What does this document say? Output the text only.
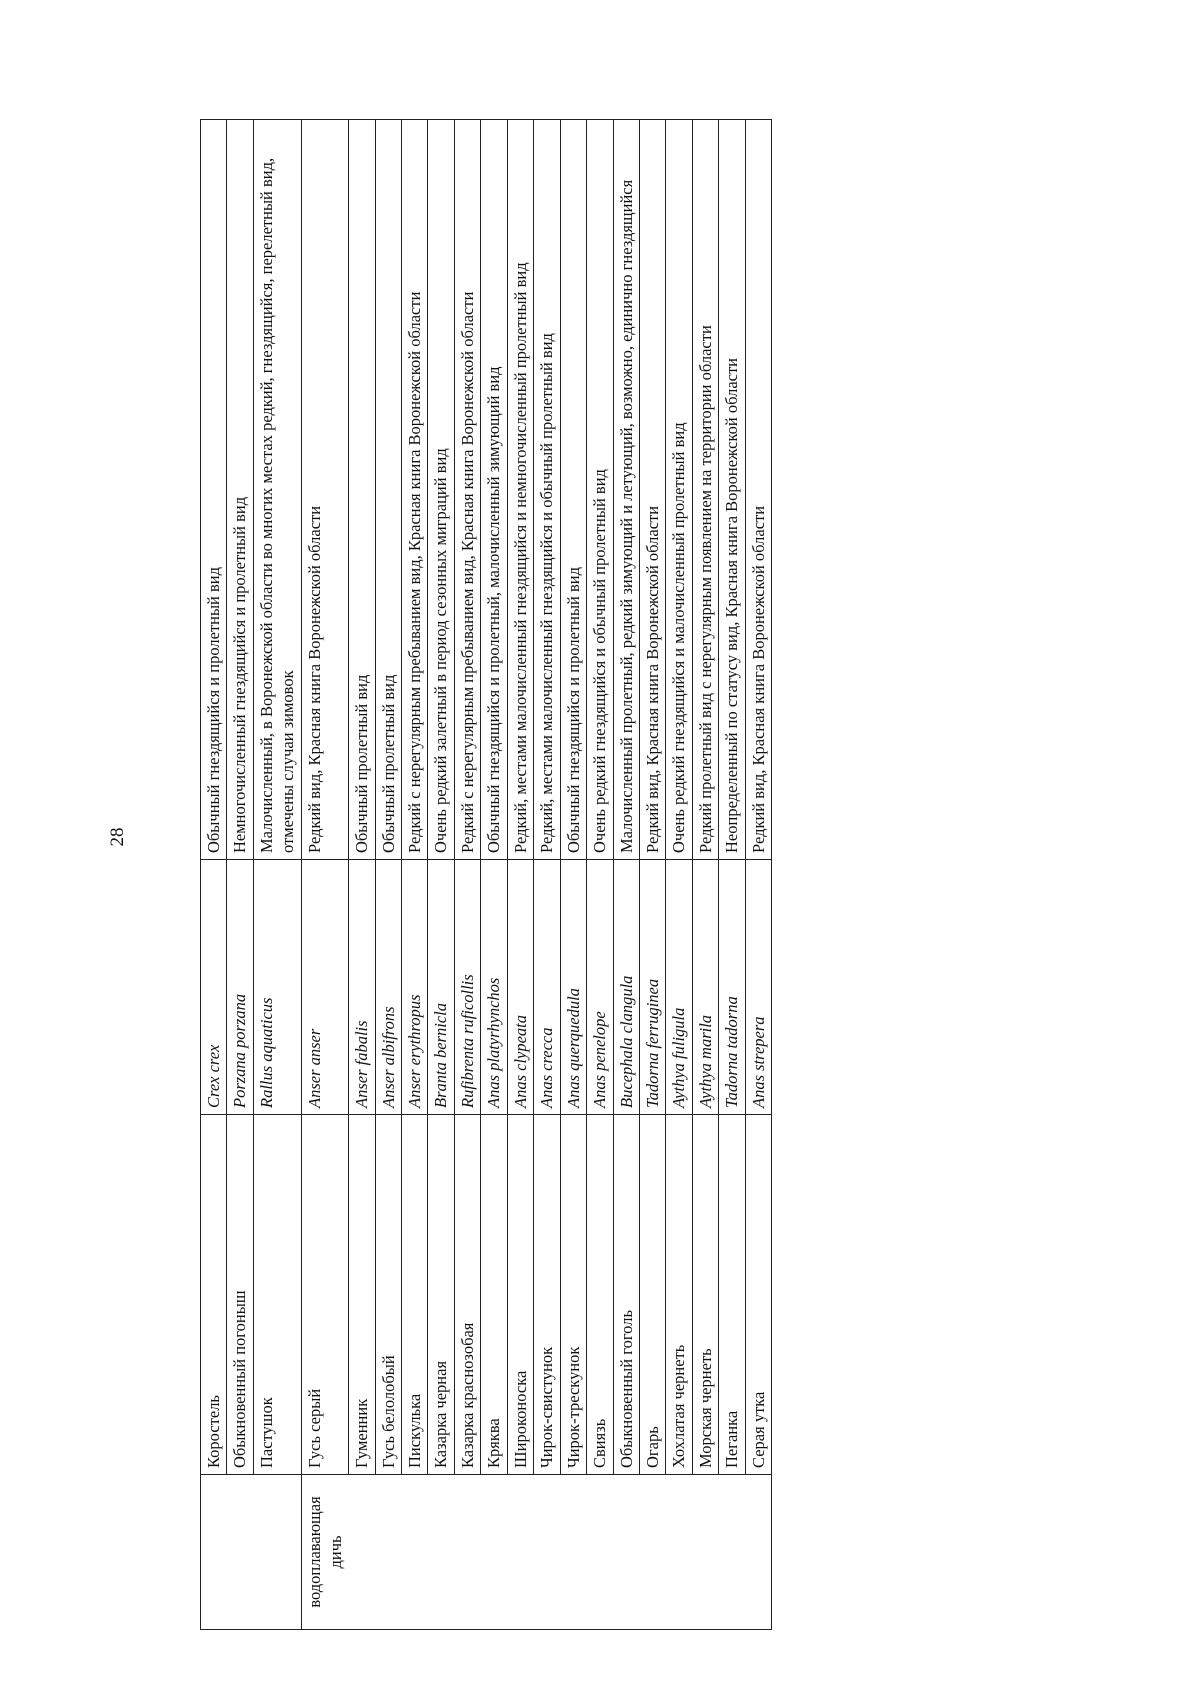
28
	Коростель	Crex crex	Обычный гнездящийся и пролетный вид
	Обыкновенный погоныш	Porzana porzana	Немногочисленный гнездящийся и пролетный вид
	Пастушок	Rallus aquaticus	Малочисленный, в Воронежской области во многих местах редкий, гнездящийся, перелетный вид, отмечены случаи зимовок
водоплавающая дичь	Гусь серый	Anser anser	Редкий вид, Красная книга Воронежской области
	Гуменник	Anser fabalis	Обычный пролетный вид
	Гусь белолобый	Anser albifrons	Обычный пролетный вид
	Пискулька	Anser erythropus	Редкий с нерегулярным пребыванием вид, Красная книга Воронежской области
	Казарка черная	Branta bernicla	Очень редкий залетный в период сезонных миграций вид
	Казарка краснозобая	Rufibrenta ruficollis	Редкий с нерегулярным пребыванием вид, Красная книга Воронежской области
	Кряква	Anas platyrhynchos	Обычный гнездящийся и пролетный, малочисленный зимующий вид
	Широконоска	Anas clypeata	Редкий, местами малочисленный гнездящийся и немногочисленный пролетный вид
	Чирок-свистунок	Anas crecca	Редкий, местами малочисленный гнездящийся и обычный пролетный вид
	Чирок-трескунок	Anas querquedula	Обычный гнездящийся и пролетный вид
	Свиязь	Anas penelope	Очень редкий гнездящийся и обычный пролетный вид
	Обыкновенный гоголь	Bucephala clangula	Малочисленный пролетный, редкий зимующий и летующий, возможно, единично гнездящийся
	Огарь	Tadorna ferruginea	Редкий вид, Красная книга Воронежской области
	Хохлатая чернеть	Aythya fuligula	Очень редкий гнездящийся и малочисленный пролетный вид
	Морская чернеть	Aythya marila	Редкий пролетный вид с нерегулярным появлением на территории области
	Пеганка	Tadorna tadorna	Неопределенный по статусу вид, Красная книга Воронежской области
	Серая утка	Anas strepera	Редкий вид, Красная книга Воронежской области
